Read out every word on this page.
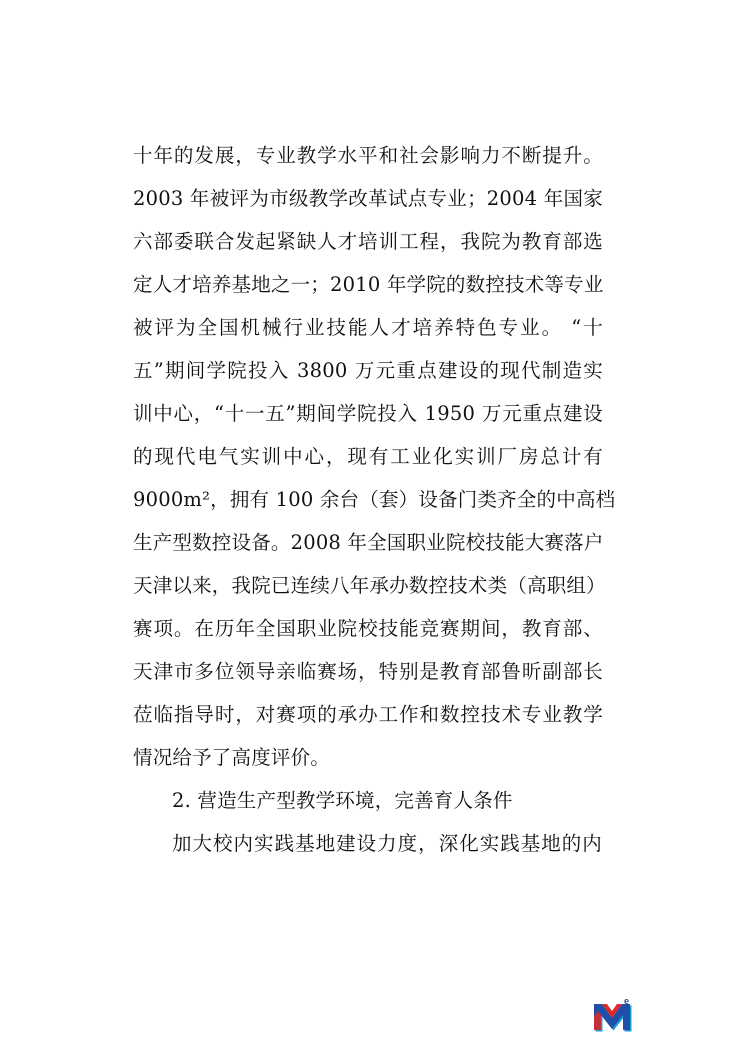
十年的发展，专业教学水平和社会影响力不断提升。
2003 年被评为市级教学改革试点专业；2004 年国家
六部委联合发起紧缺人才培训工程，我院为教育部选
定人才培养基地之一；2010 年学院的数控技术等专业
被评为全国机械行业技能人才培养特色专业。 “十
五”期间学院投入 3800 万元重点建设的现代制造实
训中心，“十一五”期间学院投入 1950 万元重点建设
的现代电气实训中心，现有工业化实训厂房总计有
9000m²，拥有 100 余台（套）设备门类齐全的中高档
生产型数控设备。2008 年全国职业院校技能大赛落户
天津以来，我院已连续八年承办数控技术类（高职组）
赛项。在历年全国职业院校技能竞赛期间，教育部、
天津市多位领导亲临赛场，特别是教育部鲁昕副部长
莅临指导时，对赛项的承办工作和数控技术专业教学
情况给予了高度评价。
2. 营造生产型教学环境，完善育人条件
加大校内实践基地建设力度，深化实践基地的内
e
